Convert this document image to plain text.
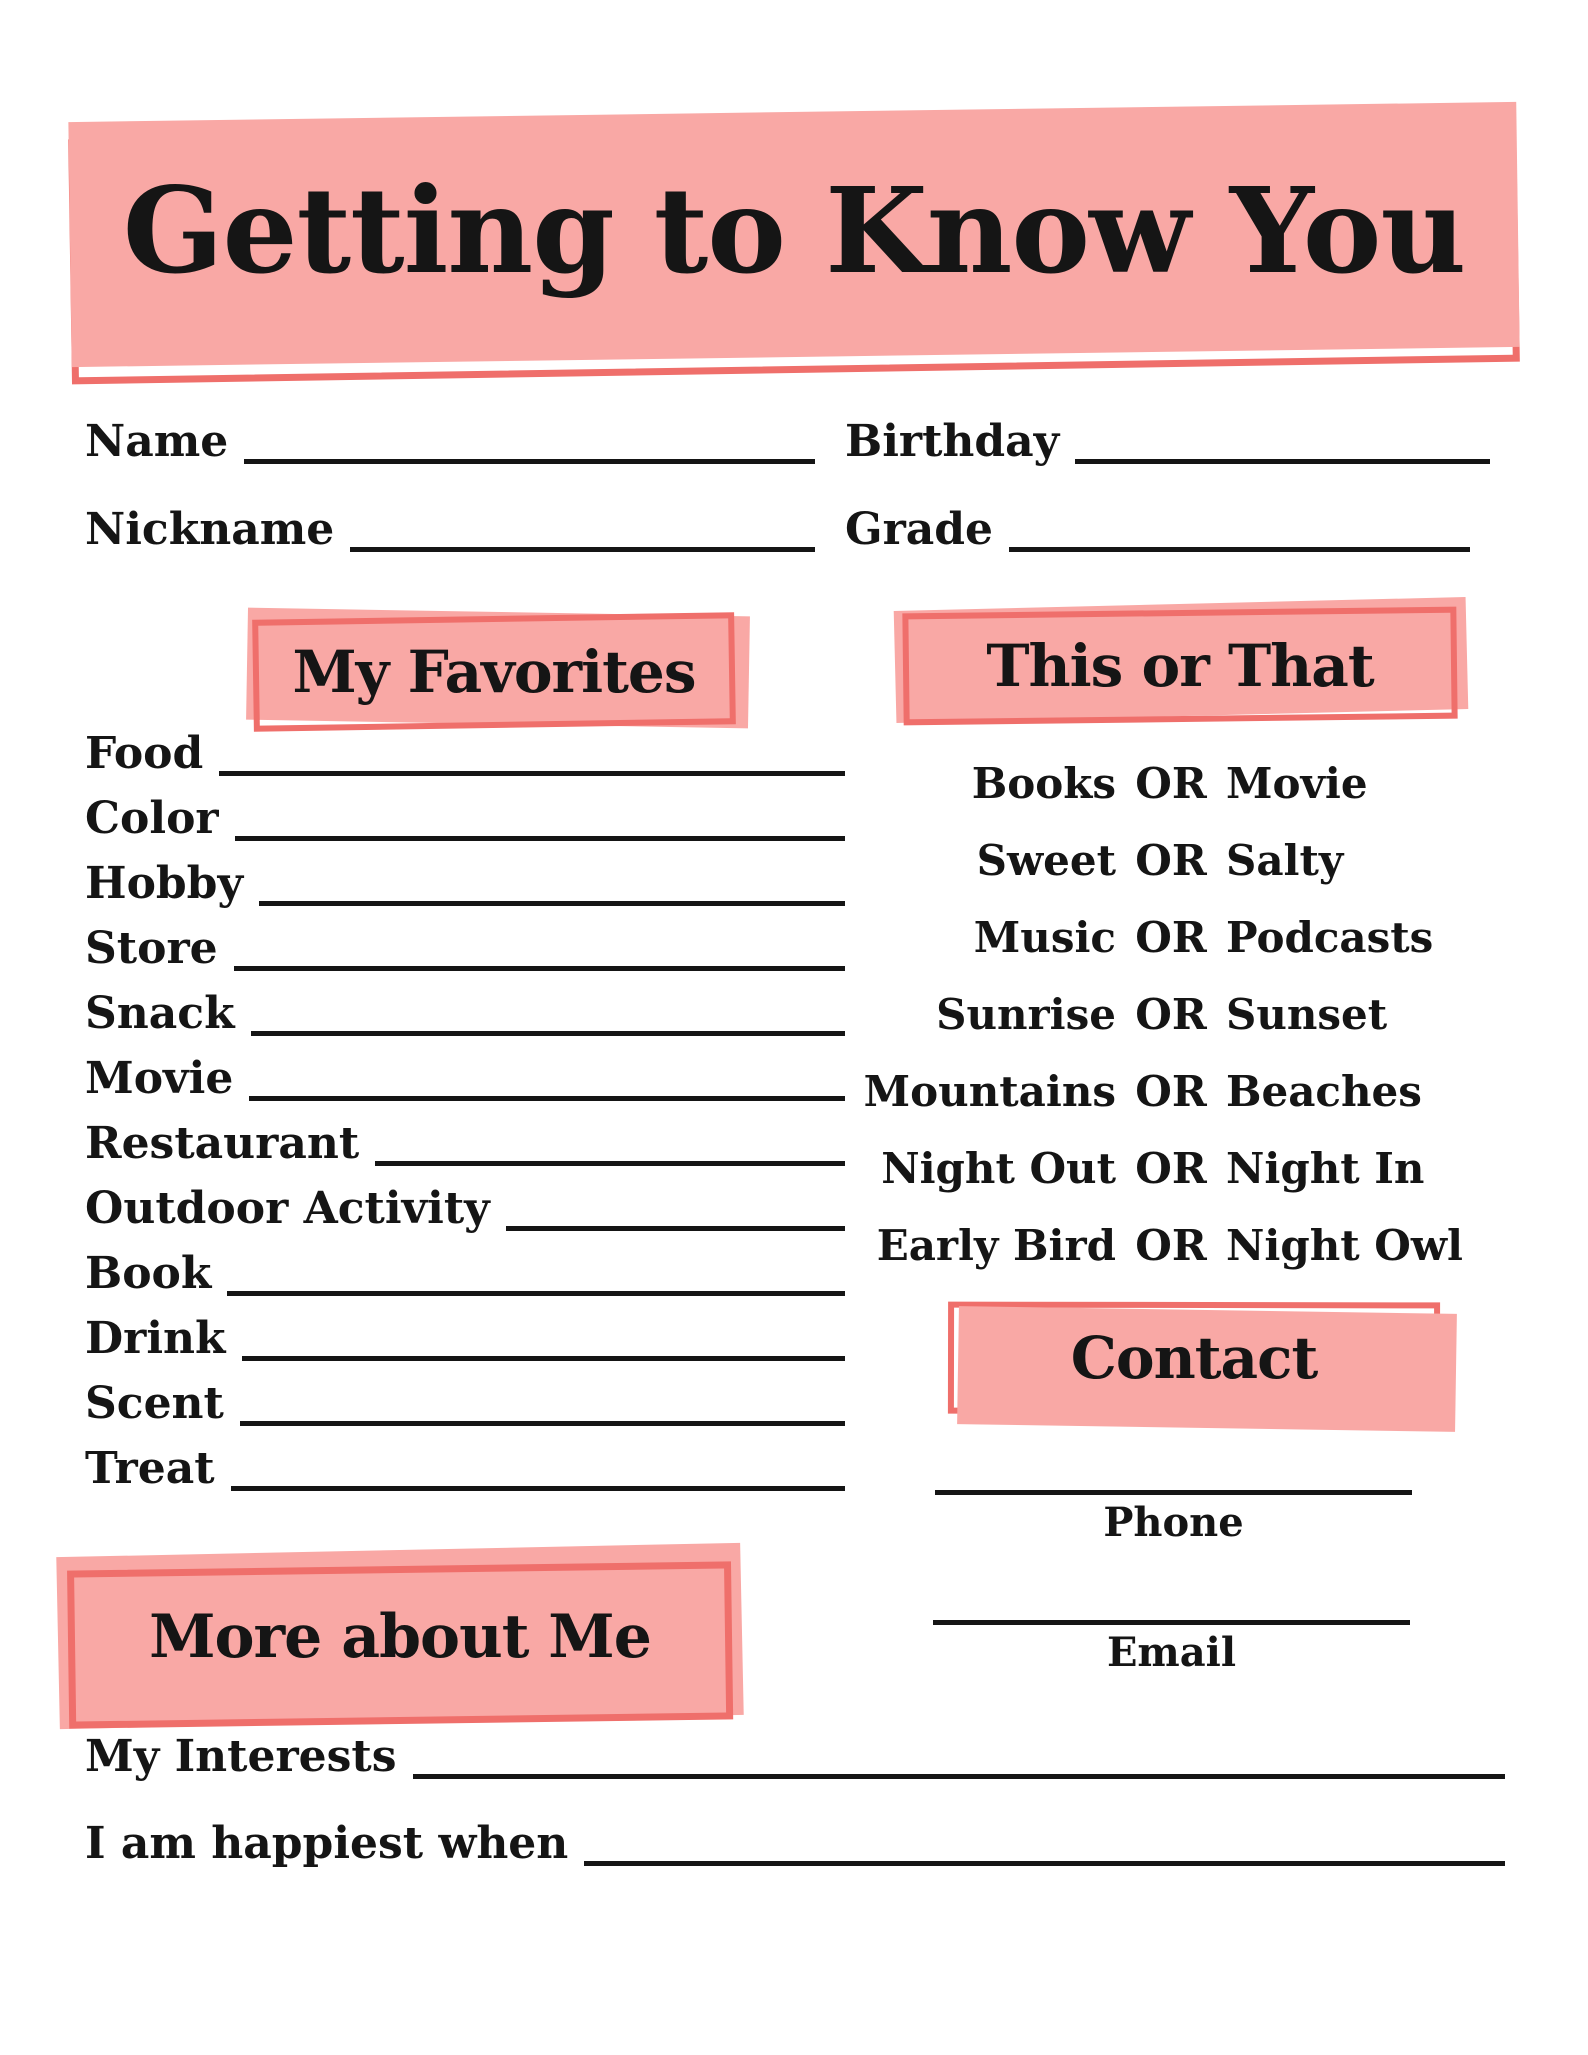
Getting to Know You
Name	Birthday
Nickname	Grade
My Favorites
Food
Color
Hobby
Store
Snack
Movie
Restaurant
Outdoor Activity
Book
Drink
Scent
Treat
This or That
Books OR Movie
Sweet OR Salty
Music OR Podcasts
Sunrise OR Sunset
Mountains OR Beaches
Night Out OR Night In
Early Bird OR Night Owl
Contact
Phone
Email
More about Me
My Interests
I am happiest when
